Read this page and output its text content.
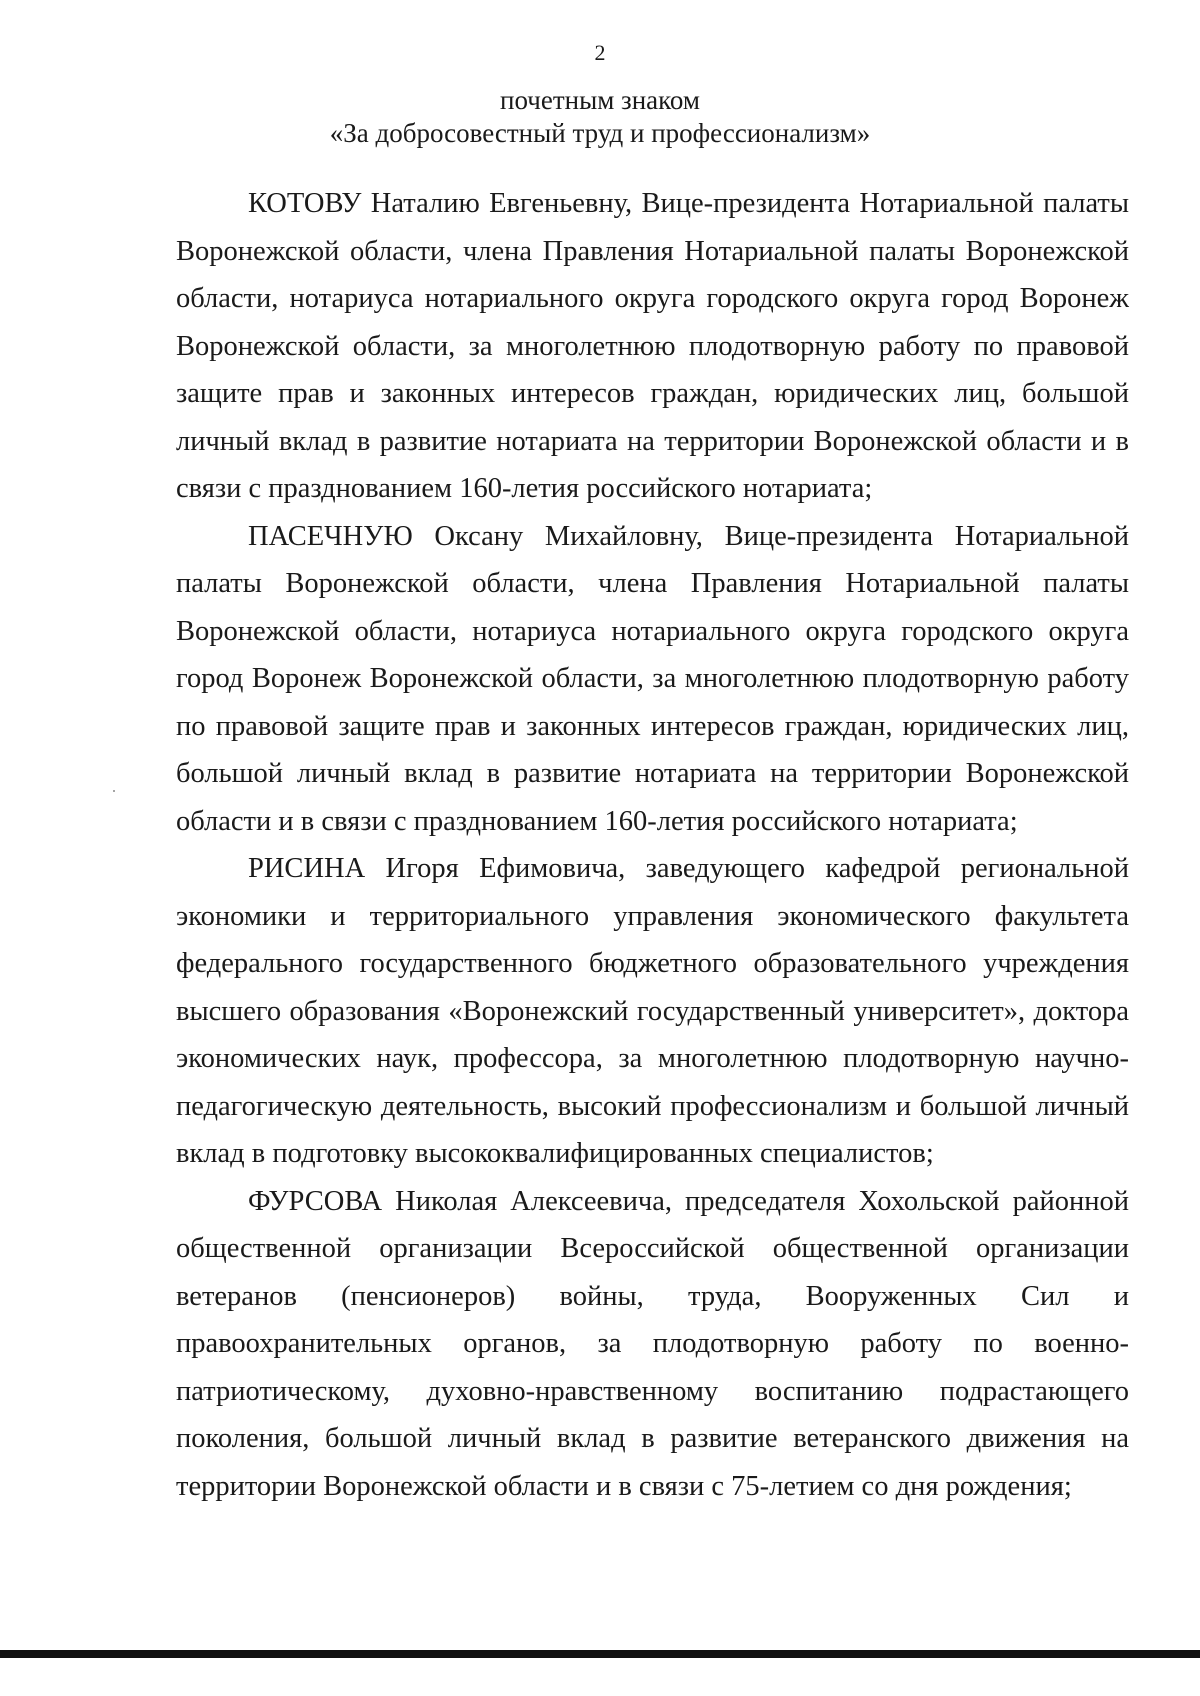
2
почетным знаком
«За добросовестный труд и профессионализм»

КОТОВУ Наталию Евгеньевну, Вице-президента Нотариальной палаты Воронежской области, члена Правления Нотариальной палаты Воронежской области, нотариуса нотариального округа городского округа город Воронеж Воронежской области, за многолетнюю плодотворную работу по правовой защите прав и законных интересов граждан, юридических лиц, большой личный вклад в развитие нотариата на территории Воронежской области и в связи с празднованием 160-летия российского нотариата;

ПАСЕЧНУЮ Оксану Михайловну, Вице-президента Нотариальной палаты Воронежской области, члена Правления Нотариальной палаты Воронежской области, нотариуса нотариального округа городского округа город Воронеж Воронежской области, за многолетнюю плодотворную работу по правовой защите прав и законных интересов граждан, юридических лиц, большой личный вклад в развитие нотариата на территории Воронежской области и в связи с празднованием 160-летия российского нотариата;

РИСИНА Игоря Ефимовича, заведующего кафедрой региональной экономики и территориального управления экономического факультета федерального государственного бюджетного образовательного учреждения высшего образования «Воронежский государственный университет», доктора экономических наук, профессора, за многолетнюю плодотворную научно-педагогическую деятельность, высокий профессионализм и большой личный вклад в подготовку высококвалифицированных специалистов;

ФУРСОВА Николая Алексеевича, председателя Хохольской районной общественной организации Всероссийской общественной организации ветеранов (пенсионеров) войны, труда, Вооруженных Сил и правоохранительных органов, за плодотворную работу по военно-патриотическому, духовно-нравственному воспитанию подрастающего поколения, большой личный вклад в развитие ветеранского движения на территории Воронежской области и в связи с 75-летием со дня рождения;
